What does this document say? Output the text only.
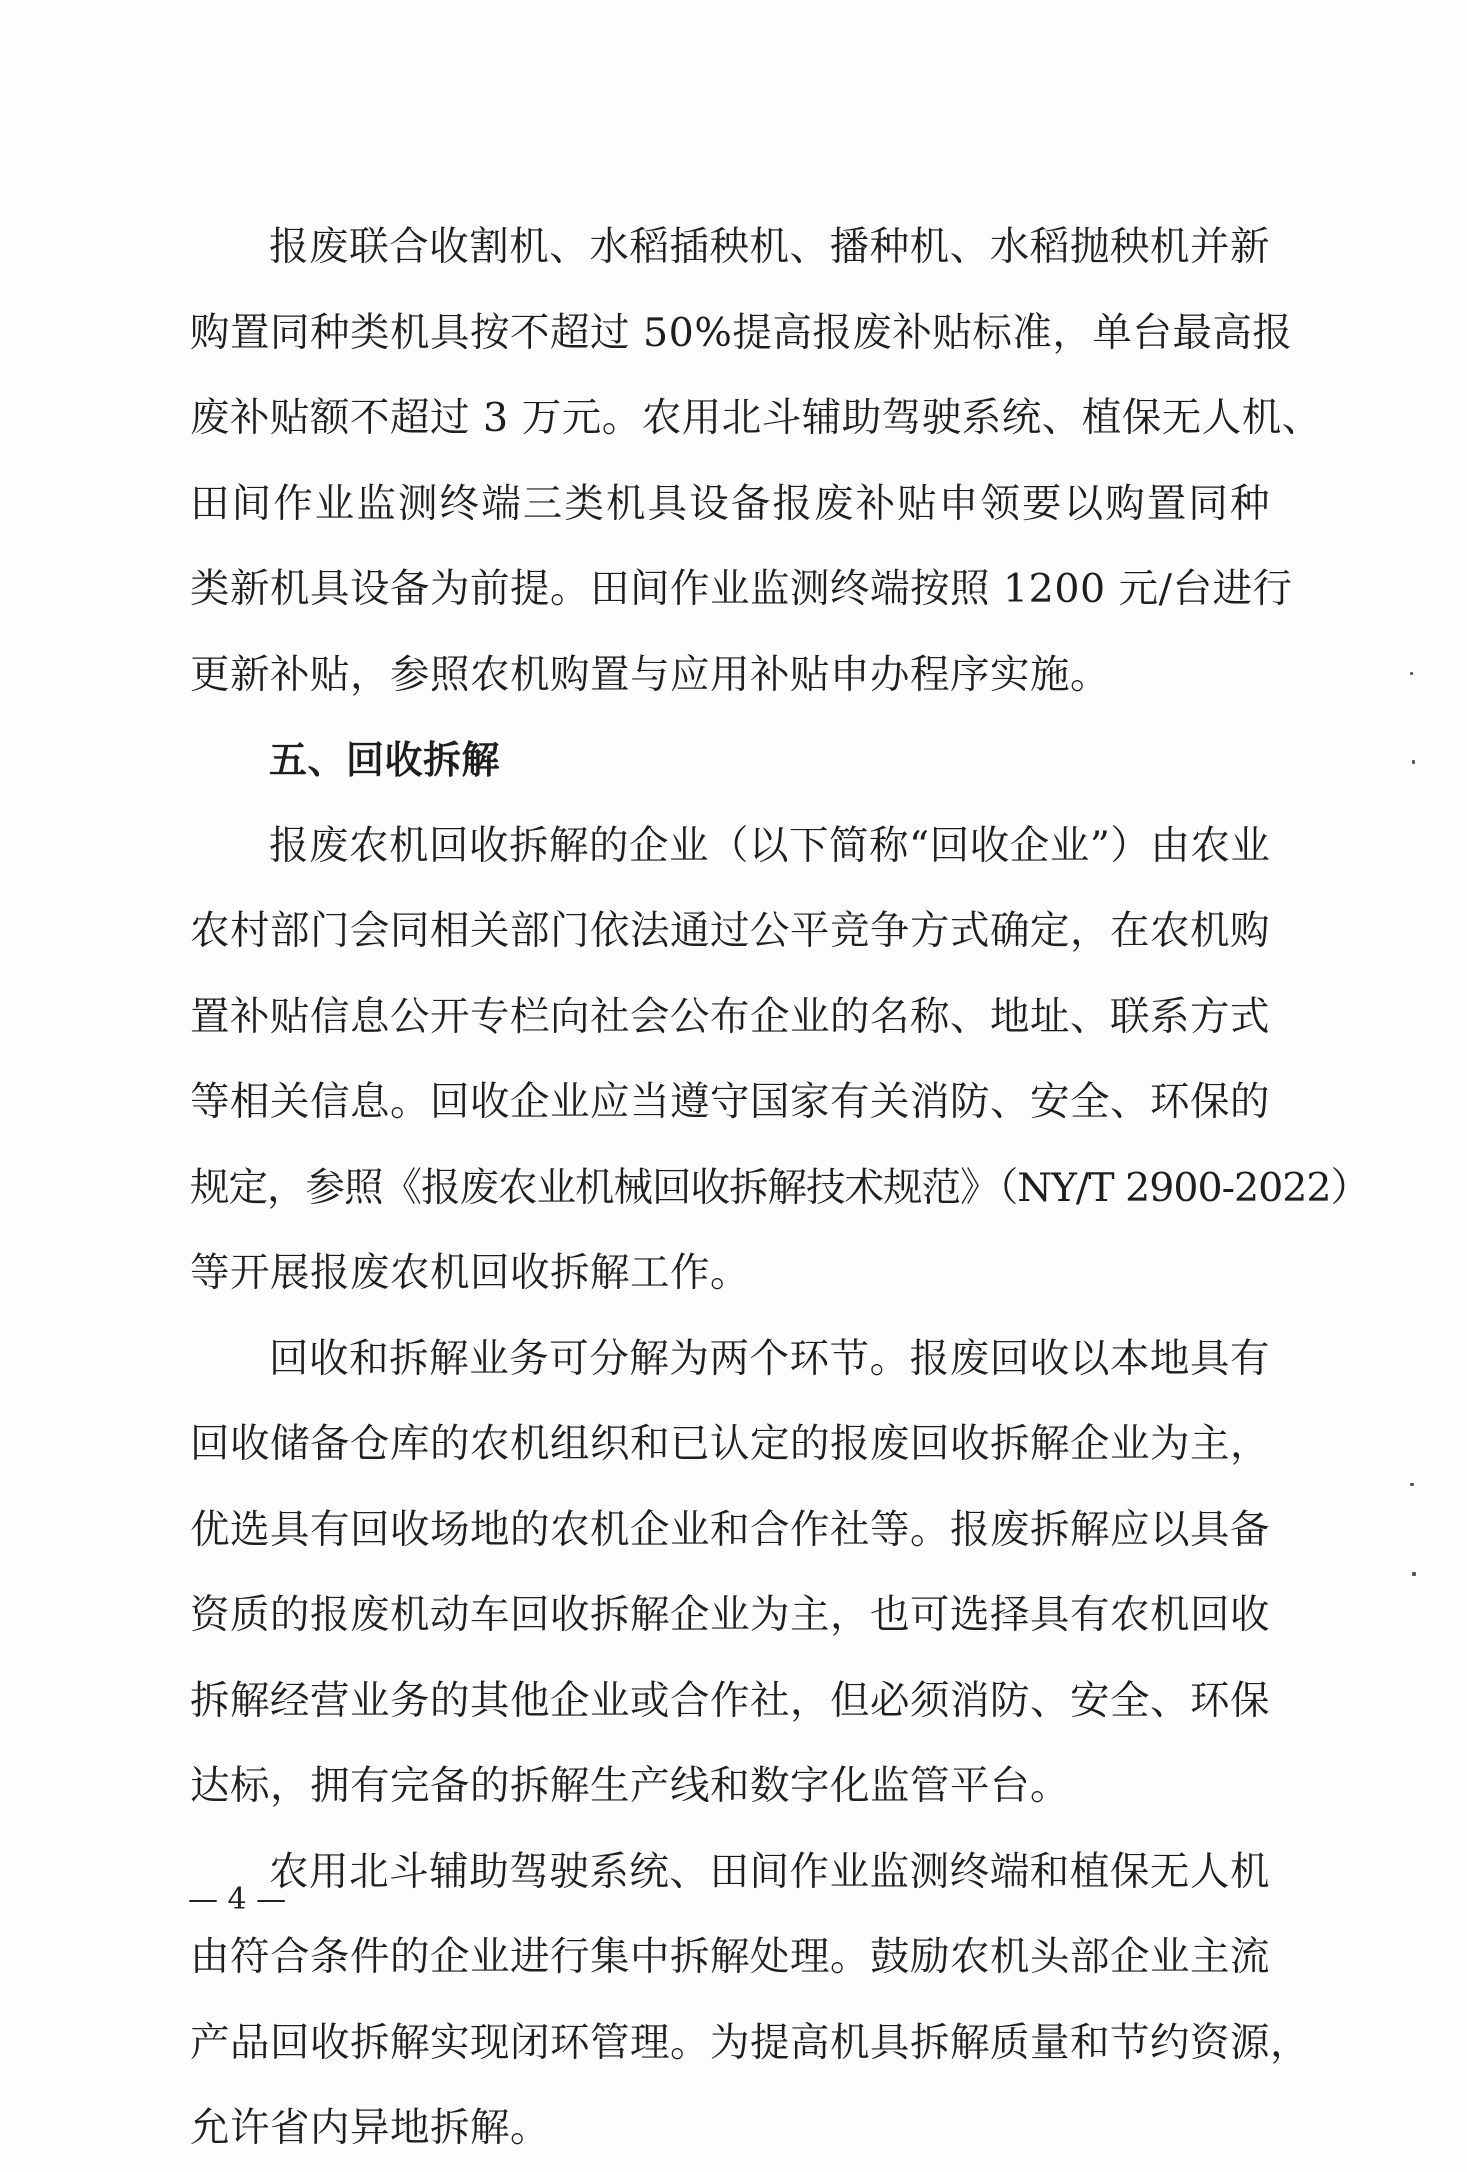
报废联合收割机、水稻插秧机、播种机、水稻抛秧机并新
购置同种类机具按不超过 50%提高报废补贴标准，单台最高报
废补贴额不超过 3 万元。农用北斗辅助驾驶系统、植保无人机、
田间作业监测终端三类机具设备报废补贴申领要以购置同种
类新机具设备为前提。田间作业监测终端按照 1200 元/台进行
更新补贴，参照农机购置与应用补贴申办程序实施。
五、回收拆解
报废农机回收拆解的企业（以下简称“回收企业”）由农业
农村部门会同相关部门依法通过公平竞争方式确定，在农机购
置补贴信息公开专栏向社会公布企业的名称、地址、联系方式
等相关信息。回收企业应当遵守国家有关消防、安全、环保的
规定，参照《报废农业机械回收拆解技术规范》（NY/T 2900-2022）
等开展报废农机回收拆解工作。
回收和拆解业务可分解为两个环节。报废回收以本地具有
回收储备仓库的农机组织和已认定的报废回收拆解企业为主，
优选具有回收场地的农机企业和合作社等。报废拆解应以具备
资质的报废机动车回收拆解企业为主，也可选择具有农机回收
拆解经营业务的其他企业或合作社，但必须消防、安全、环保
达标，拥有完备的拆解生产线和数字化监管平台。
农用北斗辅助驾驶系统、田间作业监测终端和植保无人机
由符合条件的企业进行集中拆解处理。鼓励农机头部企业主流
产品回收拆解实现闭环管理。为提高机具拆解质量和节约资源，
允许省内异地拆解。
— 4 —
